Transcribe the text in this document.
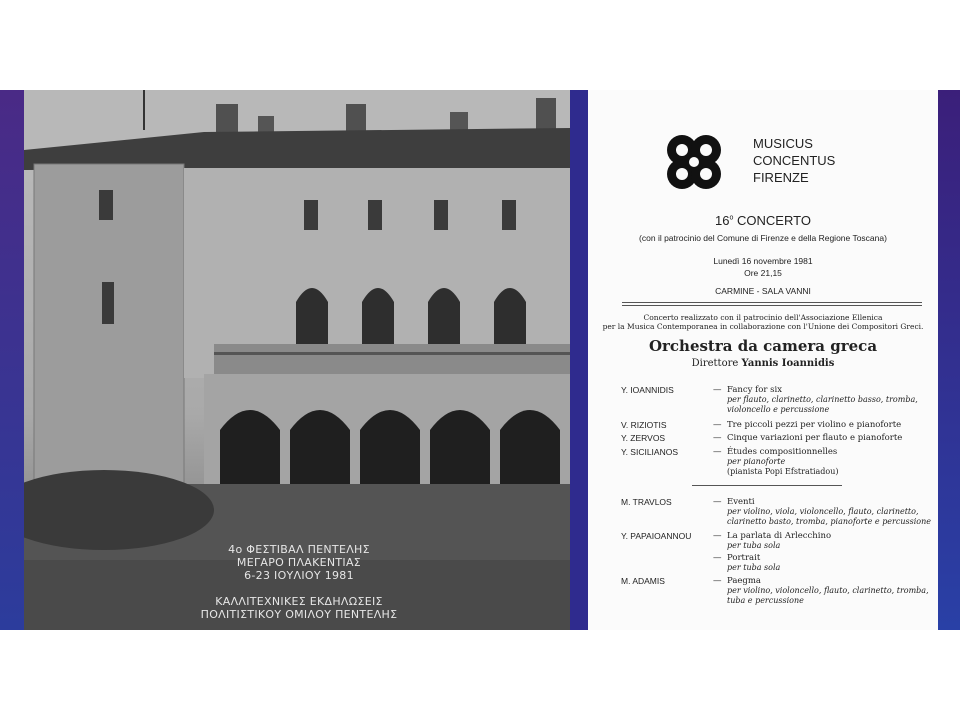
4o ΦΕΣΤΙΒΑΛ ΠΕΝΤΕΛΗΣ
ΜΕΓΑΡΟ ΠΛΑΚΕΝΤΙΑΣ
6-23 ΙΟΥΛΙΟΥ 1981
ΚΑΛΛΙΤΕΧΝΙΚΕΣ ΕΚΔΗΛΩΣΕΙΣ
ΠΟΛΙΤΙΣΤΙΚΟΥ ΟΜΙΛΟΥ ΠΕΝΤΕΛΗΣ
MUSICUS
CONCENTUS
FIRENZE
16$^o$ CONCERTO
(con il patrocinio del Comune di Firenze e della Regione Toscana)
Lunedì 16 novembre 1981
Ore 21,15
CARMINE - SALA VANNI
Concerto realizzato con il patrocinio dell'Associazione Ellenica
per la Musica Contemporanea in collaborazione con l'Unione dei Compositori Greci.
Orchestra da camera greca
Direttore Yannis Ioannidis
Y. IOANNIDIS	— Fancy for six
per flauto, clarinetto, clarinetto basso, tromba, violoncello e percussione
V. RIZIOTIS	— Tre piccoli pezzi per violino e pianoforte
Y. ZERVOS	— Cinque variazioni per flauto e pianoforte
Y. SICILIANOS	— Études compositionnelles
per pianoforte
(pianista Popi Efstratiadou)
M. TRAVLOS	— Eventi
per violino, viola, violoncello, flauto, clarinetto, clarinetto basto, tromba, pianoforte e percussione
Y. PAPAIOANNOU	— La parlata di Arlecchino
per tuba sola
— Portrait
per tuba sola
M. ADAMIS	— Paegma
per violino, violoncello, flauto, clarinetto, tromba, tuba e percussione
